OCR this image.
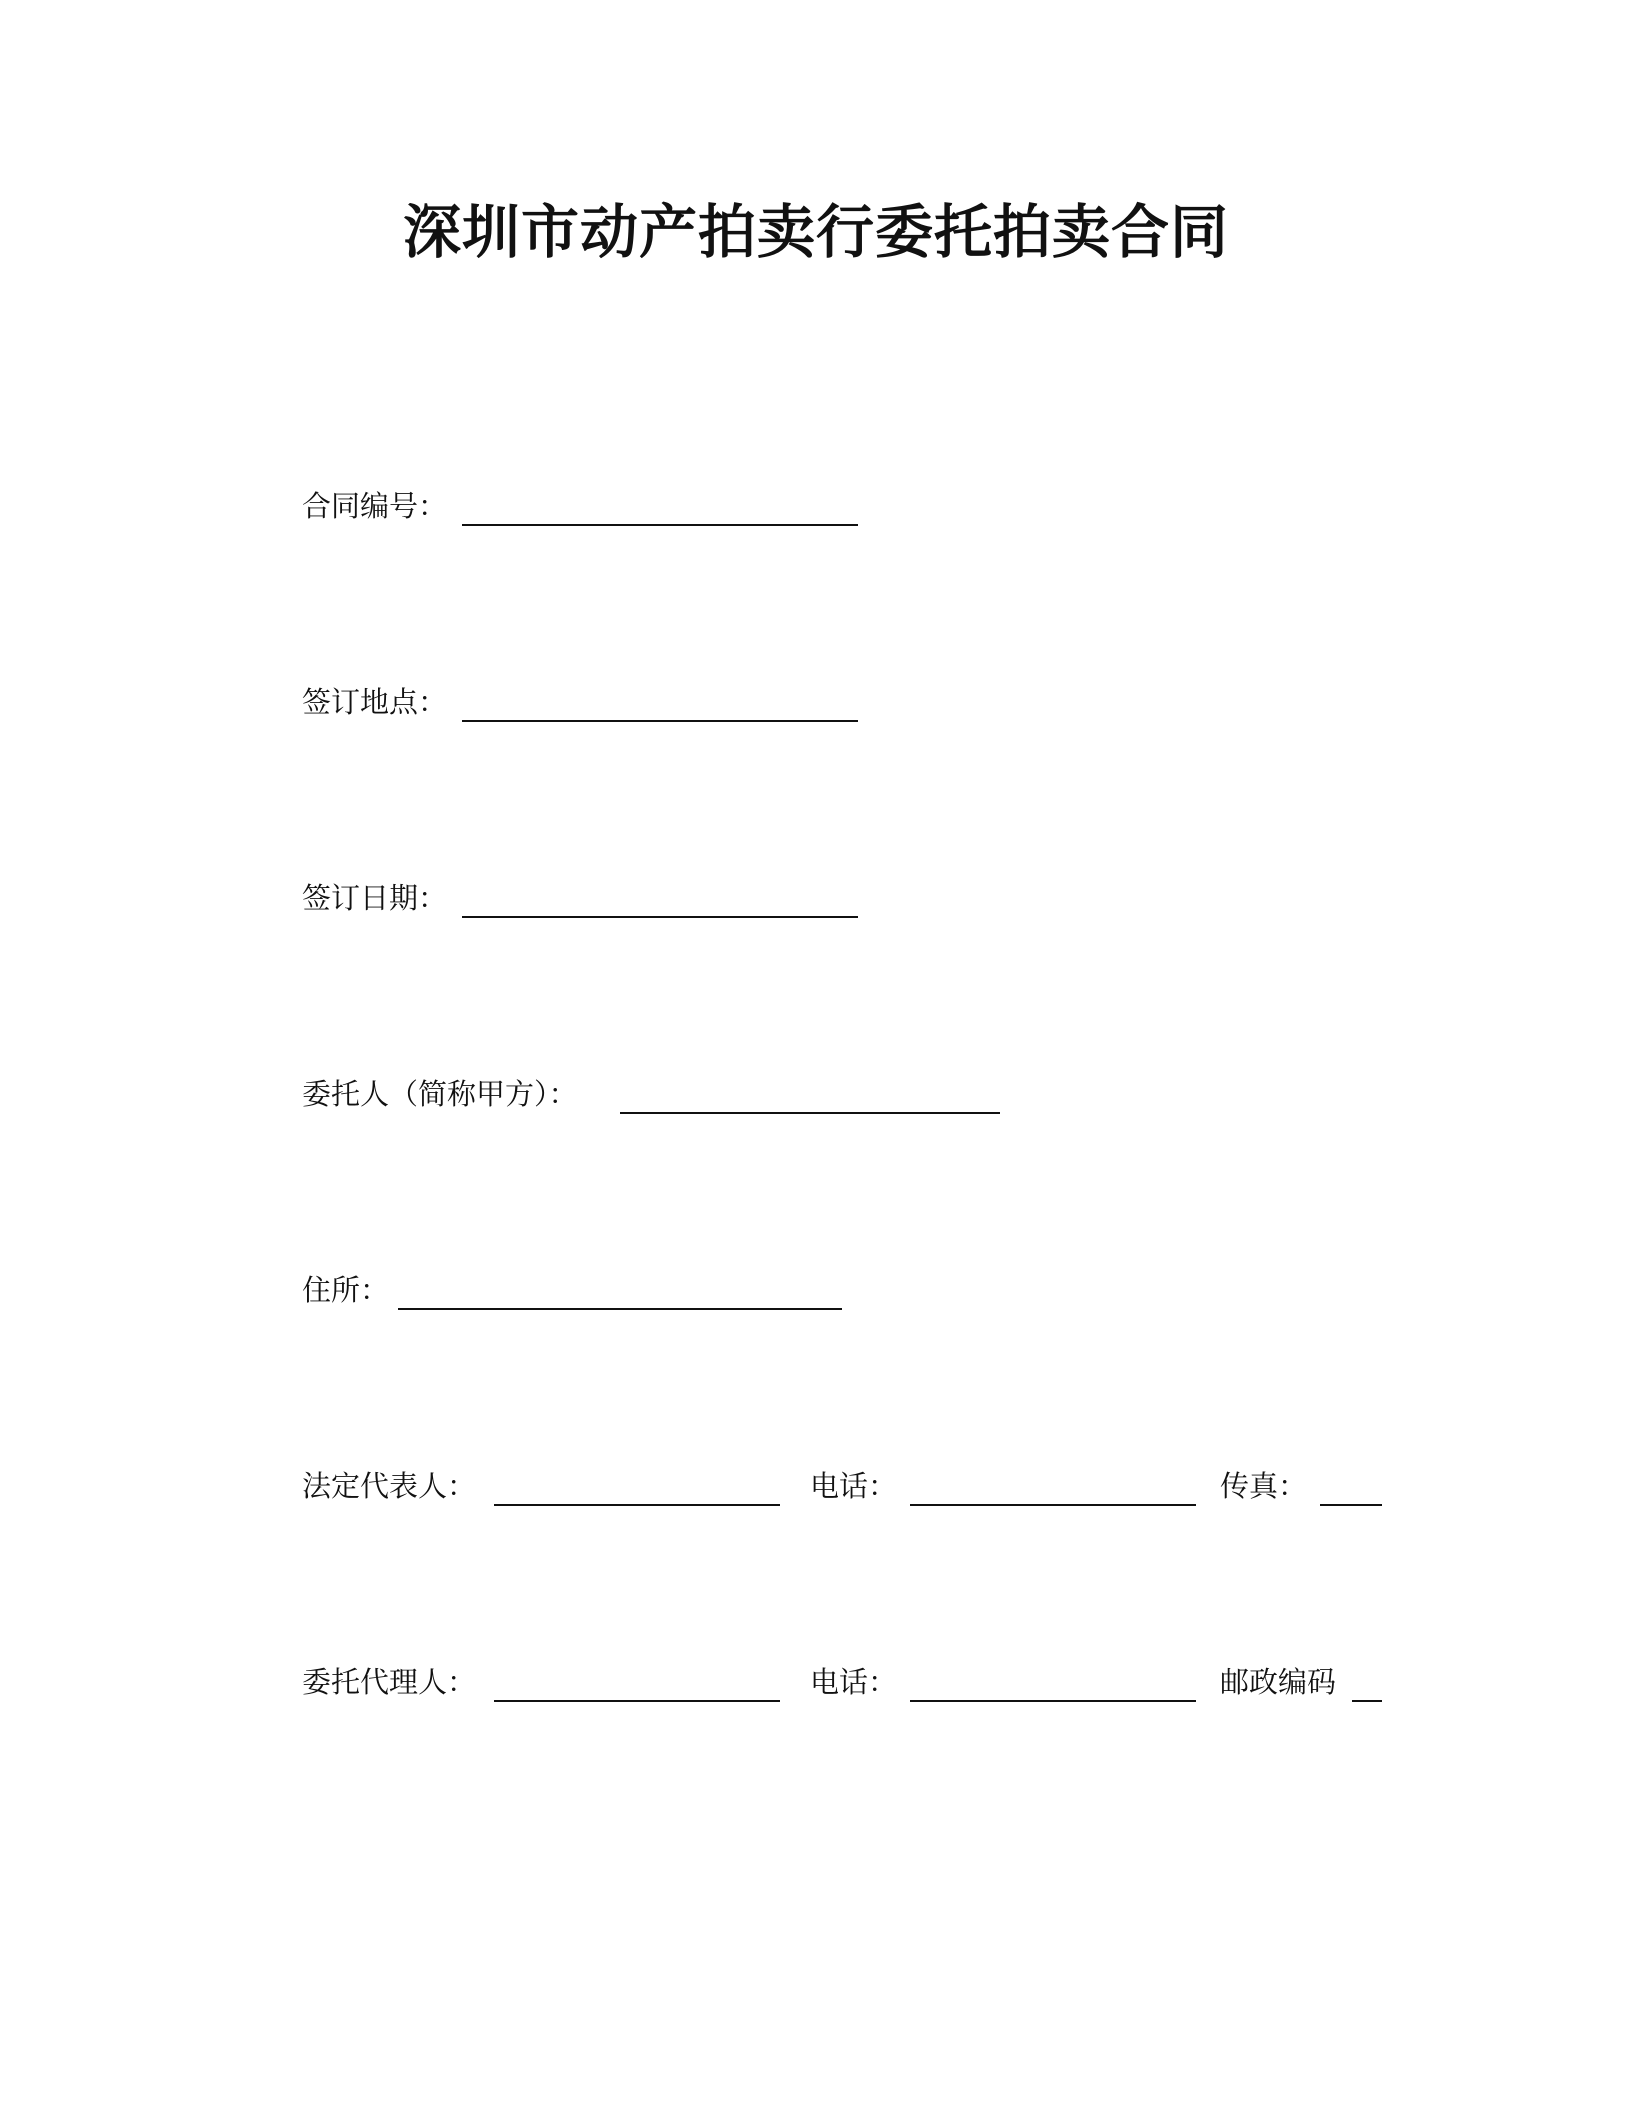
深圳市动产拍卖行委托拍卖合同
合同编号：
签订地点：
签订日期：
委托人（简称甲方）：
住所：
法定代表人：	电话：	传真：
委托代理人：	电话：	邮政编码
